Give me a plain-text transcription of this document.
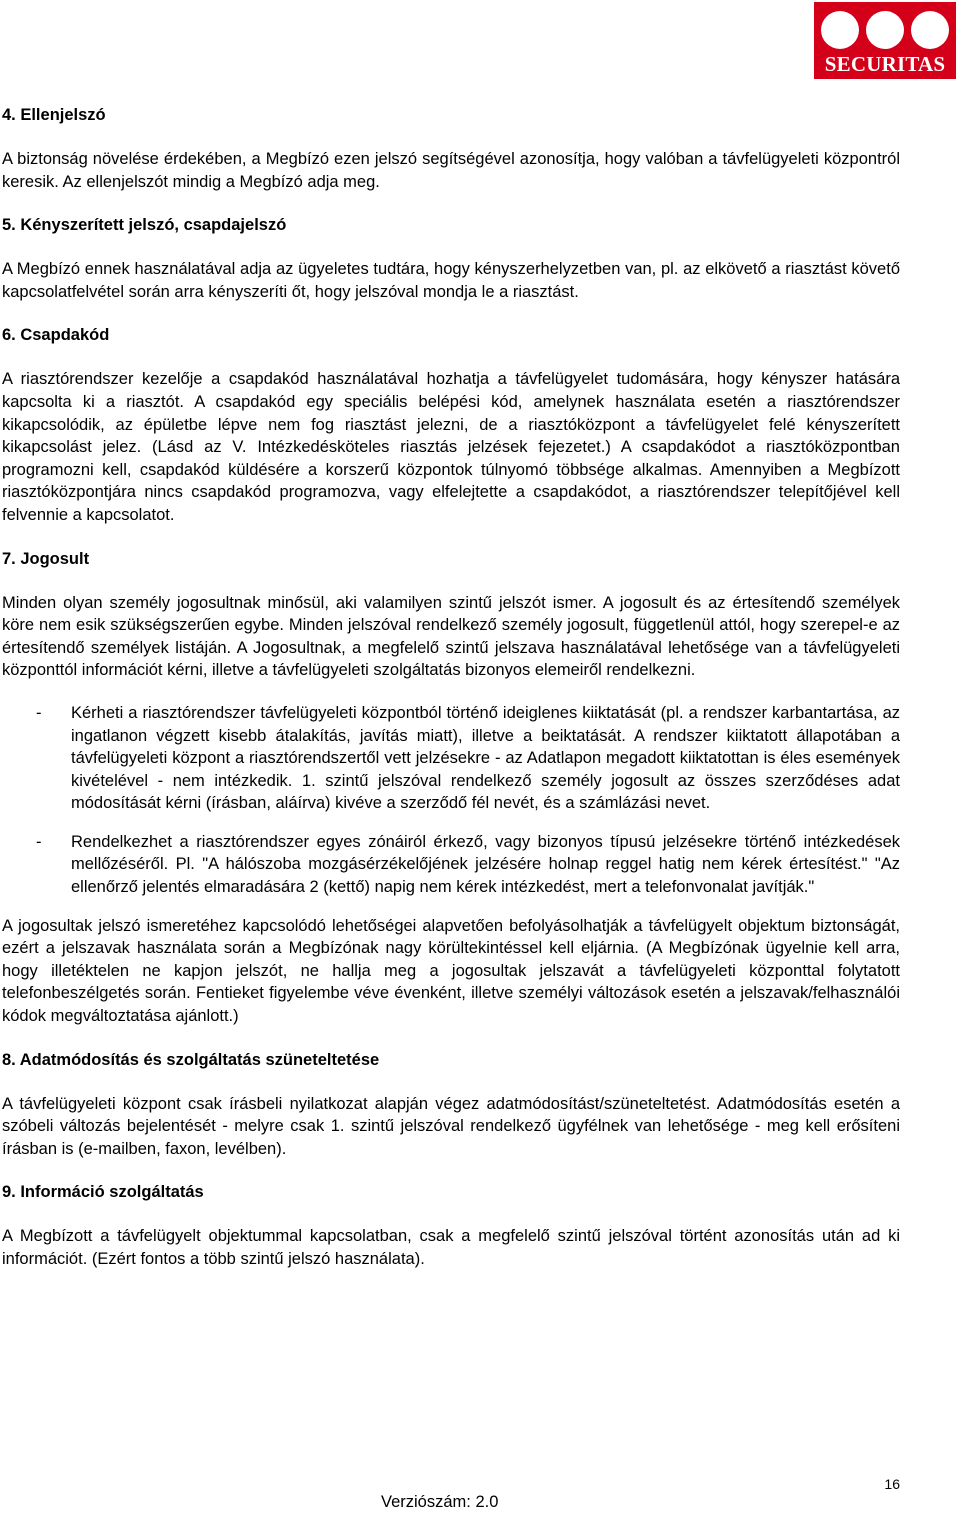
SECURITAS
4. Ellenjelszó

A biztonság növelése érdekében, a Megbízó ezen jelszó segítségével azonosítja, hogy valóban a távfelügyeleti központról keresik. Az ellenjelszót mindig a Megbízó adja meg.

5. Kényszerített jelszó, csapdajelszó

A Megbízó ennek használatával adja az ügyeletes tudtára, hogy kényszerhelyzetben van, pl. az elkövető a riasztást követő kapcsolatfelvétel során arra kényszeríti őt, hogy jelszóval mondja le a riasztást.

6. Csapdakód

A riasztórendszer kezelője a csapdakód használatával hozhatja a távfelügyelet tudomására, hogy kényszer hatására kapcsolta ki a riasztót. A csapdakód egy speciális belépési kód, amelynek használata esetén a riasztórendszer kikapcsolódik, az épületbe lépve nem fog riasztást jelezni, de a riasztóközpont a távfelügyelet felé kényszerített kikapcsolást jelez. (Lásd az V. Intézkedésköteles riasztás jelzések fejezetet.) A csapdakódot a riasztóközpontban programozni kell, csapdakód küldésére a korszerű központok túlnyomó többsége alkalmas. Amennyiben a Megbízott riasztóközpontjára nincs csapdakód programozva, vagy elfelejtette a csapdakódot, a riasztórendszer telepítőjével kell felvennie a kapcsolatot.

7. Jogosult

Minden olyan személy jogosultnak minősül, aki valamilyen szintű jelszót ismer. A jogosult és az értesítendő személyek köre nem esik szükségszerűen egybe. Minden jelszóval rendelkező személy jogosult, függetlenül attól, hogy szerepel-e az értesítendő személyek listáján. A Jogosultnak, a megfelelő szintű jelszava használatával lehetősége van a távfelügyeleti központtól információt kérni, illetve a távfelügyeleti szolgáltatás bizonyos elemeiről rendelkezni.

- Kérheti a riasztórendszer távfelügyeleti központból történő ideiglenes kiiktatását (pl. a rendszer karbantartása, az ingatlanon végzett kisebb átalakítás, javítás miatt), illetve a beiktatását. A rendszer kiiktatott állapotában a távfelügyeleti központ a riasztórendszertől vett jelzésekre - az Adatlapon megadott kiiktatottan is éles események kivételével - nem intézkedik. 1. szintű jelszóval rendelkező személy jogosult az összes szerződéses adat módosítását kérni (írásban, aláírva) kivéve a szerződő fél nevét, és a számlázási nevet.
- Rendelkezhet a riasztórendszer egyes zónáiról érkező, vagy bizonyos típusú jelzésekre történő intézkedések mellőzéséről. Pl. "A hálószoba mozgásérzékelőjének jelzésére holnap reggel hatig nem kérek értesítést." "Az ellenőrző jelentés elmaradására 2 (kettő) napig nem kérek intézkedést, mert a telefonvonalat javítják."

A jogosultak jelszó ismeretéhez kapcsolódó lehetőségei alapvetően befolyásolhatják a távfelügyelt objektum biztonságát, ezért a jelszavak használata során a Megbízónak nagy körültekintéssel kell eljárnia. (A Megbízónak ügyelnie kell arra, hogy illetéktelen ne kapjon jelszót, ne hallja meg a jogosultak jelszavát a távfelügyeleti központtal folytatott telefonbeszélgetés során. Fentieket figyelembe véve évenként, illetve személyi változások esetén a jelszavak/felhasználói kódok megváltoztatása ajánlott.)

8. Adatmódosítás és szolgáltatás szüneteltetése

A távfelügyeleti központ csak írásbeli nyilatkozat alapján végez adatmódosítást/szüneteltetést. Adatmódosítás esetén a szóbeli változás bejelentését - melyre csak 1. szintű jelszóval rendelkező ügyfélnek van lehetősége - meg kell erősíteni írásban is (e-mailben, faxon, levélben).

9. Információ szolgáltatás

A Megbízott a távfelügyelt objektummal kapcsolatban, csak a megfelelő szintű jelszóval történt azonosítás után ad ki információt. (Ezért fontos a több szintű jelszó használata).

16
Verziószám: 2.0
